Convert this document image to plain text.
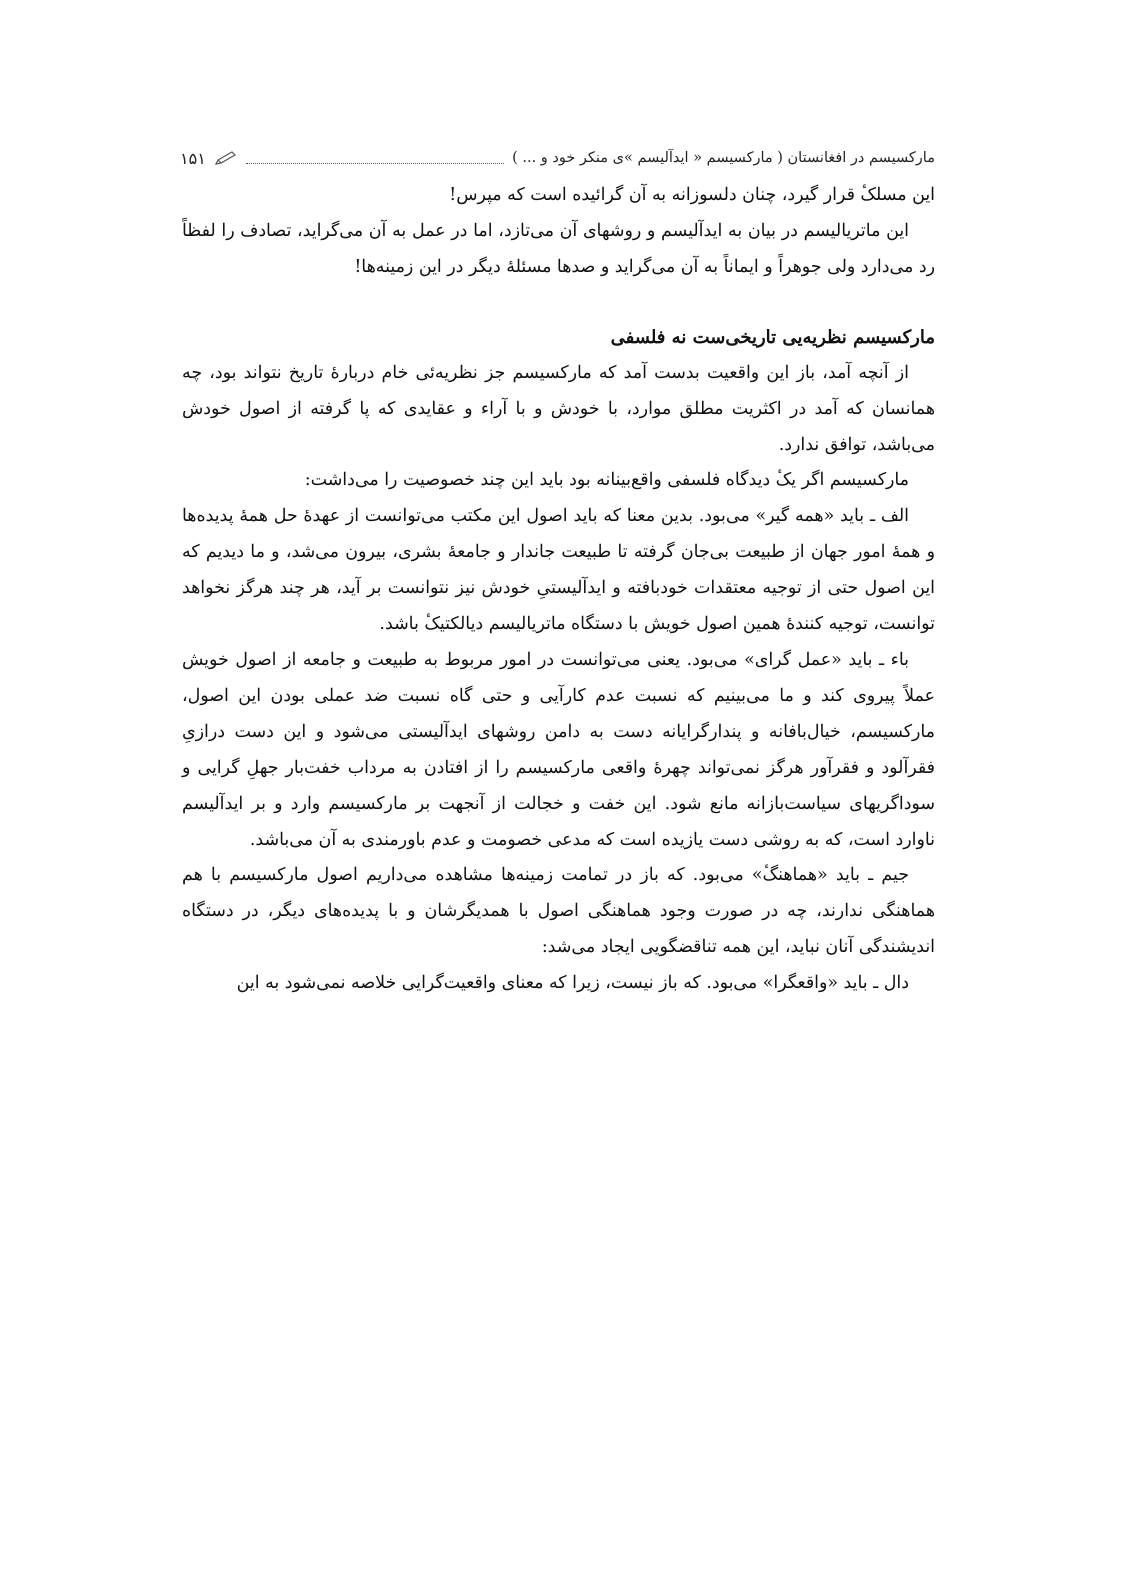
مارکسیسم در افغانستان ( مارکسیسم « ایدآلیسم »ی منکر خود و ... )
۱۵۱

این مسلکٔ قرار گیرد، چنان دلسوزانه به آن گرائیده است که مپرس!

این ماتریالیسم در بیان به ایدآلیسم و روشهای آن می‌تازد، اما در عمل به آن می‌گراید، تصادف را لفظاً رد می‌دارد ولی جوهراً و ایماناً به آن می‌گراید و صدها مسئلهٔ دیگر در این زمینه‌ها!

مارکسیسم نظریه‌یی تاریخی‌ست نه فلسفی

از آنچه آمد، باز این واقعیت بدست آمد که مارکسیسم جز نظریه‌ئی خام دربارهٔ تاریخ نتواند بود، چه همانسان که آمد در اکثریت مطلق موارد، با خودش و با آراء و عقایدی که پا گرفته از اصول خودش می‌باشد، توافق ندارد.

مارکسیسم اگر یکٔ دیدگاه فلسفی واقع‌بینانه بود باید این چند خصوصیت را می‌داشت:

الف ـ باید «همه گیر» می‌بود. بدین معنا که باید اصول این مکتب می‌توانست از عهدهٔ حل همهٔ پدیده‌ها و همهٔ امور جهان از طبیعت بی‌جان گرفته تا طبیعت جاندار و جامعهٔ بشری، بیرون می‌شد، و ما دیدیم که این اصول حتی از توجیه معتقدات خودبافته و ایدآلیستیِ خودش نیز نتوانست بر آید، هر چند هرگز نخواهد توانست، توجیه کنندهٔ همین اصول خویش با دستگاه ماتریالیسم دیالکتیکٔ باشد.

باء ـ باید «عمل گرای» می‌بود. یعنی می‌توانست در امور مربوط به طبیعت و جامعه از اصول خویش عملاً پیروی کند و ما می‌بینیم که نسبت عدم کارآیی و حتی گاه نسبت ضد عملی بودن این اصول، مارکسیسم، خیال‌بافانه و پندارگرایانه دست به دامن روشهای ایدآلیستی می‌شود و این دست درازیِ فقرآلود و فقرآور هرگز نمی‌تواند چهرهٔ واقعی مارکسیسم را از افتادن به مرداب خفت‌بار جهلِ گرایی و سوداگریهای سیاست‌بازانه مانع شود. این خفت و خجالت از آنجهت بر مارکسیسم وارد و بر ایدآلیسم ناوارد است، که به روشی دست یازیده است که مدعی خصومت و عدم باورمندی به آن می‌باشد.

جیم ـ باید «هماهنگٔ» می‌بود. که باز در تمامت زمینه‌ها مشاهده می‌داریم اصول مارکسیسم با هم هماهنگی ندارند، چه در صورت وجود هماهنگی اصول با همدیگرشان و با پدیده‌های دیگر، در دستگاه اندیشندگی آنان نباید، این همه تناقضگویی ایجاد می‌شد:

دال ـ باید «واقعگرا» می‌بود. که باز نیست، زیرا که معنای واقعیت‌گرایی خلاصه نمی‌شود به این
